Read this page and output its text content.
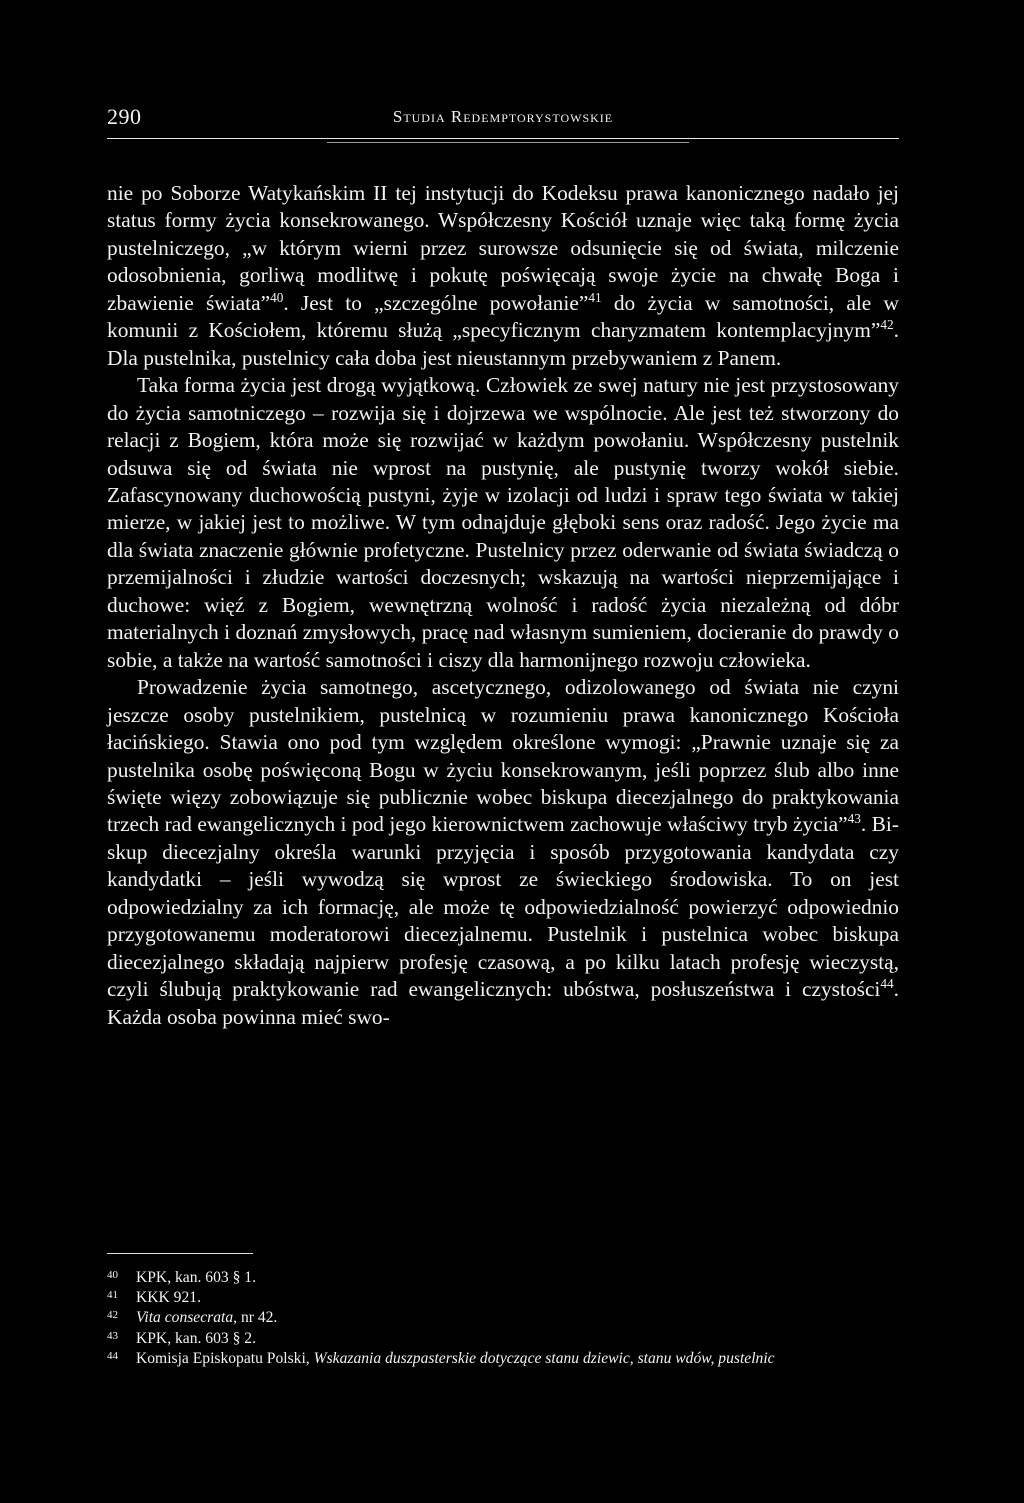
290	Studia Redemptorystowskie

nie po Soborze Watykańskim II tej instytucji do Kodeksu prawa kanonicznego nadało jej status formy życia konsekrowanego. Współczesny Kościół uznaje więc taką formę życia pustelniczego, „w którym wierni przez surowsze odsunięcie się od świata, milczenie odosobnienia, gorliwą modlitwę i pokutę poświęcają swoje życie na chwałę Boga i zbawienie świata”$^{40}$. Jest to „szczególne powołanie”$^{41}$ do życia w samotności, ale w komunii z Kościołem, któremu służą „specyficznym charyzmatem kontemplacyjnym”$^{42}$. Dla pustelnika, pustelnicy cała doba jest nieustannym przebywaniem z Panem.

Taka forma życia jest drogą wyjątkową. Człowiek ze swej natury nie jest przystosowany do życia samotniczego – rozwija się i dojrzewa we wspólnocie. Ale jest też stworzony do relacji z Bogiem, która może się rozwijać w każdym powołaniu. Współczesny pustelnik odsuwa się od świata nie wprost na pustynię, ale pustynię tworzy wokół siebie. Zafascynowany duchowością pustyni, żyje w izolacji od ludzi i spraw tego świata w takiej mierze, w jakiej jest to możliwe. W tym odnajduje głęboki sens oraz radość. Jego życie ma dla świata znaczenie głównie profetyczne. Pustelnicy przez oderwanie od świata świadczą o przemijalności i złudzie wartości doczesnych; wskazują na wartości nieprzemijające i duchowe: więź z Bogiem, wewnętrzną wolność i radość życia niezależną od dóbr materialnych i doznań zmysłowych, pracę nad własnym sumieniem, docieranie do prawdy o sobie, a także na wartość samotności i ciszy dla harmonijnego rozwoju człowieka.

Prowadzenie życia samotnego, ascetycznego, odizolowanego od świata nie czyni jeszcze osoby pustelnikiem, pustelnicą w rozumieniu prawa kanonicznego Kościoła łacińskiego. Stawia ono pod tym względem określone wymogi: „Prawnie uznaje się za pustelnika osobę poświęconą Bogu w życiu konsekrowanym, jeśli poprzez ślub albo inne święte więzy zobowiązuje się publicznie wobec biskupa diecezjalnego do praktykowania trzech rad ewangelicznych i pod jego kierownictwem zachowuje właściwy tryb życia”$^{43}$. Biskup diecezjalny określa warunki przyjęcia i sposób przygotowania kandydata czy kandydatki – jeśli wywodzą się wprost ze świeckiego środowiska. To on jest odpowiedzialny za ich formację, ale może tę odpowiedzialność powierzyć odpowiednio przygotowanemu moderatorowi diecezjalnemu. Pustelnik i pustelnica wobec biskupa diecezjalnego składają najpierw profesję czasową, a po kilku latach profesję wieczystą, czyli ślubują praktykowanie rad ewangelicznych: ubóstwa, posłuszeństwa i czystości$^{44}$. Każda osoba powinna mieć swo-

40	KPK, kan. 603 § 1.
41	KKK 921.
42	Vita consecrata, nr 42.
43	KPK, kan. 603 § 2.
44	Komisja Episkopatu Polski, Wskazania duszpasterskie dotyczące stanu dziewic, stanu wdów, pustelnic
